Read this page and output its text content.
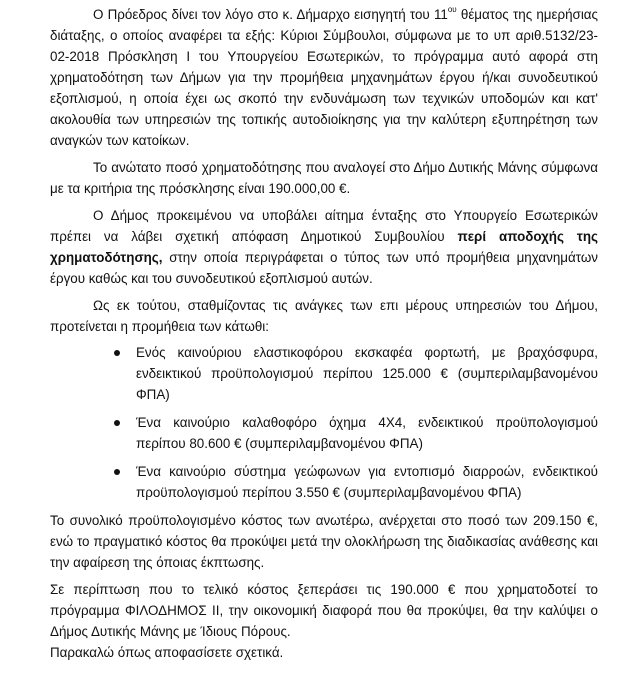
Ο Πρόεδρος δίνει τον λόγο στο κ. Δήμαρχο εισηγητή του $11^{o\upsilon}$ θέματος της ημερήσιας διάταξης, ο οποίος αναφέρει τα εξής: Κύριοι Σύμβουλοι, σύμφωνα με το υπ αριθ.5132/23-02-2018 Πρόσκληση Ι του Υπουργείου Εσωτερικών, το πρόγραμμα αυτό αφορά στη χρηματοδότηση των Δήμων για την προμήθεια μηχανημάτων έργου ή/και συνοδευτικού εξοπλισμού, η οποία έχει ως σκοπό την ενδυνάμωση των τεχνικών υποδομών και κατ' ακολουθία των υπηρεσιών της τοπικής αυτοδιοίκησης για την καλύτερη εξυπηρέτηση των αναγκών των κατοίκων.

Το ανώτατο ποσό χρηματοδότησης που αναλογεί στο Δήμο Δυτικής Μάνης σύμφωνα με τα κριτήρια της πρόσκλησης είναι 190.000,00 €.

Ο Δήμος προκειμένου να υποβάλει αίτημα ένταξης στο Υπουργείο Εσωτερικών πρέπει να λάβει σχετική απόφαση Δημοτικού Συμβουλίου περί αποδοχής της χρηματοδότησης, στην οποία περιγράφεται ο τύπος των υπό προμήθεια μηχανημάτων έργου καθώς και του συνοδευτικού εξοπλισμού αυτών.

Ως εκ τούτου, σταθμίζοντας τις ανάγκες των επι μέρους υπηρεσιών του Δήμου, προτείνεται η προμήθεια των κάτωθι:

Ενός καινούριου ελαστικοφόρου εκσκαφέα φορτωτή, με βραχόσφυρα, ενδεικτικού προϋπολογισμού περίπου 125.000 € (συμπεριλαμβανομένου ΦΠΑ)
Ένα καινούριο καλαθοφόρο όχημα 4Χ4, ενδεικτικού προϋπολογισμού περίπου 80.600 € (συμπεριλαμβανομένου ΦΠΑ)
Ένα καινούριο σύστημα γεώφωνων για εντοπισμό διαρροών, ενδεικτικού προϋπολογισμού περίπου 3.550 € (συμπεριλαμβανομένου ΦΠΑ)

Το συνολικό προϋπολογισμένο κόστος των ανωτέρω, ανέρχεται στο ποσό των 209.150 €, ενώ το πραγματικό κόστος θα προκύψει μετά την ολοκλήρωση της διαδικασίας ανάθεσης και την αφαίρεση της όποιας έκπτωσης.

Σε περίπτωση που το τελικό κόστος ξεπεράσει τις 190.000 € που χρηματοδοτεί το πρόγραμμα ΦΙΛΟΔΗΜΟΣ ΙΙ, την οικονομική διαφορά που θα προκύψει, θα την καλύψει ο Δήμος Δυτικής Μάνης με Ίδιους Πόρους.

Παρακαλώ όπως αποφασίσετε σχετικά.
